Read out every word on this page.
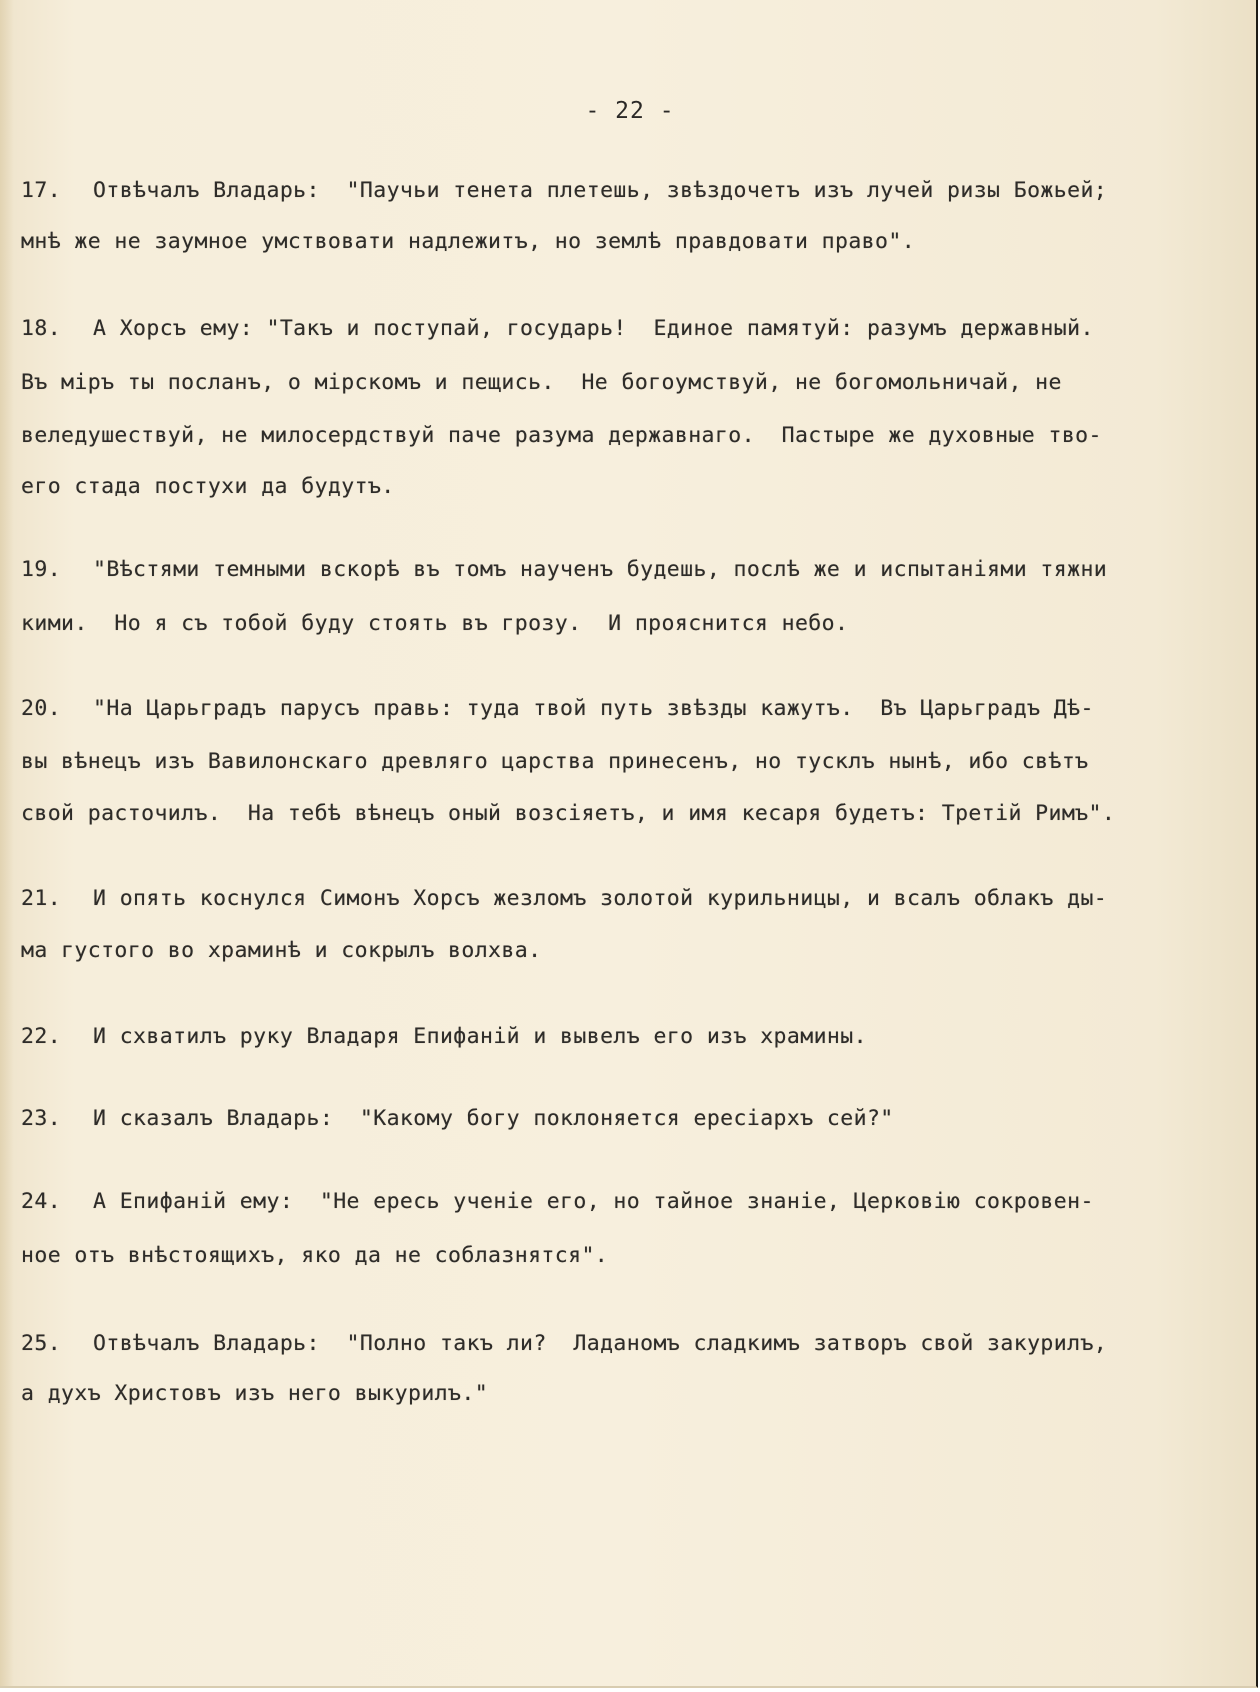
- 22 -
17. Отвѣчалъ Владарь:  "Паучьи тенета плетешь, звѣздочетъ изъ лучей ризы Божьей;
мнѣ же не заумное умствовати надлежитъ, но землѣ правдовати право".
18. А Хорсъ ему: "Такъ и поступай, государь!  Единое памятуй: разумъ державный.
Въ міръ ты посланъ, о мірскомъ и пещись.  Не богоумствуй, не богомольничай, не
веледушествуй, не милосердствуй паче разума державнаго.  Пастыре же духовные тво-
его стада постухи да будутъ.
19. "Вѣстями темными вскорѣ въ томъ наученъ будешь, послѣ же и испытаніями тяжни
кими.  Но я съ тобой буду стоять въ грозу.  И прояснится небо.
20. "На Царьградъ парусъ правь: туда твой путь звѣзды кажутъ.  Въ Царьградъ Дѣ-
вы вѣнецъ изъ Вавилонскаго древляго царства принесенъ, но тусклъ нынѣ, ибо свѣтъ
свой расточилъ.  На тебѣ вѣнецъ оный возсіяетъ, и имя кесаря будетъ: Третій Римъ".
21. И опять коснулся Симонъ Хорсъ жезломъ золотой курильницы, и всалъ облакъ ды-
ма густого во храминѣ и сокрылъ волхва.
22. И схватилъ руку Владаря Епифаній и вывелъ его изъ храмины.
23. И сказалъ Владарь:  "Какому богу поклоняется ересіархъ сей?"
24. А Епифаній ему:  "Не ересь ученіе его, но тайное знаніе, Церковію сокровен-
ное отъ внѣстоящихъ, яко да не соблазнятся".
25. Отвѣчалъ Владарь:  "Полно такъ ли?  Ладаномъ сладкимъ затворъ свой закурилъ,
а духъ Христовъ изъ него выкурилъ."
